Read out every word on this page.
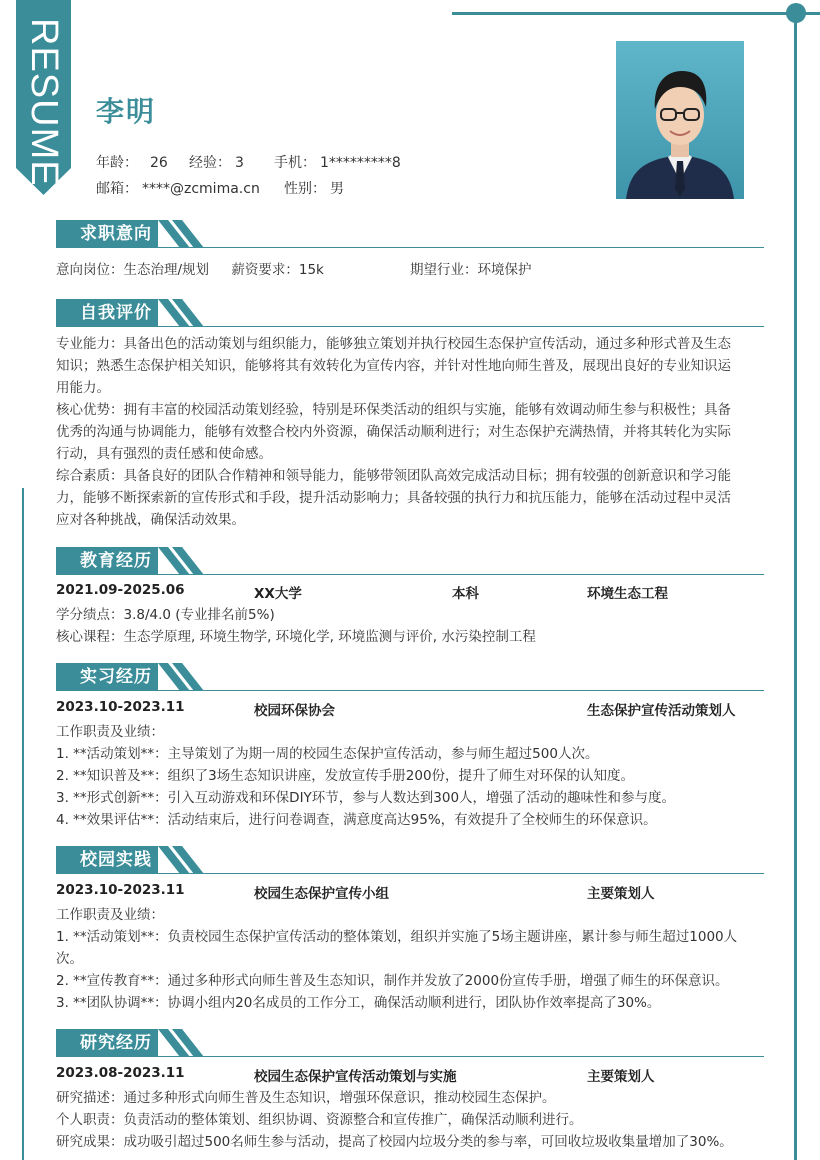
RESUME 李明
年龄： 26 经验： 3 手机： 1*********8
邮箱： ****@zcmima.cn 性别： 男
求职意向
意向岗位：生态治理/规划 薪资要求：15k	期望行业：环境保护
自我评价
专业能力：具备出色的活动策划与组织能力，能够独立策划并执行校园生态保护宣传活动，通过多种形式普及生态
知识；熟悉生态保护相关知识，能够将其有效转化为宣传内容，并针对性地向师生普及，展现出良好的专业知识运
用能力。
核心优势：拥有丰富的校园活动策划经验，特别是环保类活动的组织与实施，能够有效调动师生参与积极性；具备
优秀的沟通与协调能力，能够有效整合校内外资源，确保活动顺利进行；对生态保护充满热情，并将其转化为实际
行动，具有强烈的责任感和使命感。
综合素质：具备良好的团队合作精神和领导能力，能够带领团队高效完成活动目标；拥有较强的创新意识和学习能
力，能够不断探索新的宣传形式和手段，提升活动影响力；具备较强的执行力和抗压能力，能够在活动过程中灵活
应对各种挑战，确保活动效果。
教育经历
2021.09-2025.06	XX大学	本科	环境生态工程
学分绩点：3.8/4.0 (专业排名前5%)
核心课程：生态学原理, 环境生物学, 环境化学, 环境监测与评价, 水污染控制工程
实习经历
2023.10-2023.11	校园环保协会	生态保护宣传活动策划人
工作职责及业绩：
1. **活动策划**：主导策划了为期一周的校园生态保护宣传活动，参与师生超过500人次。
2. **知识普及**：组织了3场生态知识讲座，发放宣传手册200份，提升了师生对环保的认知度。
3. **形式创新**：引入互动游戏和环保DIY环节，参与人数达到300人，增强了活动的趣味性和参与度。
4. **效果评估**：活动结束后，进行问卷调查，满意度高达95%，有效提升了全校师生的环保意识。
校园实践
2023.10-2023.11	校园生态保护宣传小组	主要策划人
工作职责及业绩：
1. **活动策划**：负责校园生态保护宣传活动的整体策划，组织并实施了5场主题讲座，累计参与师生超过1000人
次。
2. **宣传教育**：通过多种形式向师生普及生态知识，制作并发放了2000份宣传手册，增强了师生的环保意识。
3. **团队协调**：协调小组内20名成员的工作分工，确保活动顺利进行，团队协作效率提高了30%。
研究经历
2023.08-2023.11	校园生态保护宣传活动策划与实施	主要策划人
研究描述：通过多种形式向师生普及生态知识，增强环保意识，推动校园生态保护。
个人职责：负责活动的整体策划、组织协调、资源整合和宣传推广，确保活动顺利进行。
研究成果：成功吸引超过500名师生参与活动，提高了校园内垃圾分类的参与率，可回收垃圾收集量增加了30%。
